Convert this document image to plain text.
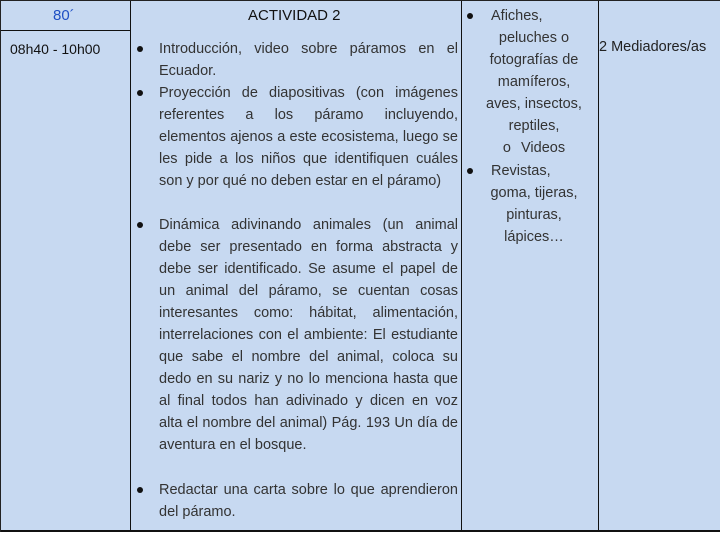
80´	ACTIVIDAD 2
08h40 - 10h00	Introducción, video sobre páramos en el Ecuador.
Proyección de diapositivas (con imágenes referentes a los páramo incluyendo, elementos ajenos a este ecosistema, luego se les pide a los niños que identifiquen cuáles son y por qué no deben estar en el páramo)
Dinámica adivinando animales (un animal debe ser presentado en forma abstracta y debe ser identificado. Se asume el papel de un animal del páramo, se cuentan cosas interesantes como: hábitat, alimentación, interrelaciones con el ambiente: El estudiante que sabe el nombre del animal, coloca su dedo en su nariz y no lo menciona hasta que al final todos han adivinado y dicen en voz alta el nombre del animal) Pág. 193 Un día de aventura en el bosque.
Redactar una carta sobre lo que aprendieron del páramo.
Afiches,
peluches o
fotografías de
mamíferos,
aves, insectos,
reptiles,
o Videos
Revistas,
goma, tijeras,
pinturas,
lápices…
2 Mediadores/as
